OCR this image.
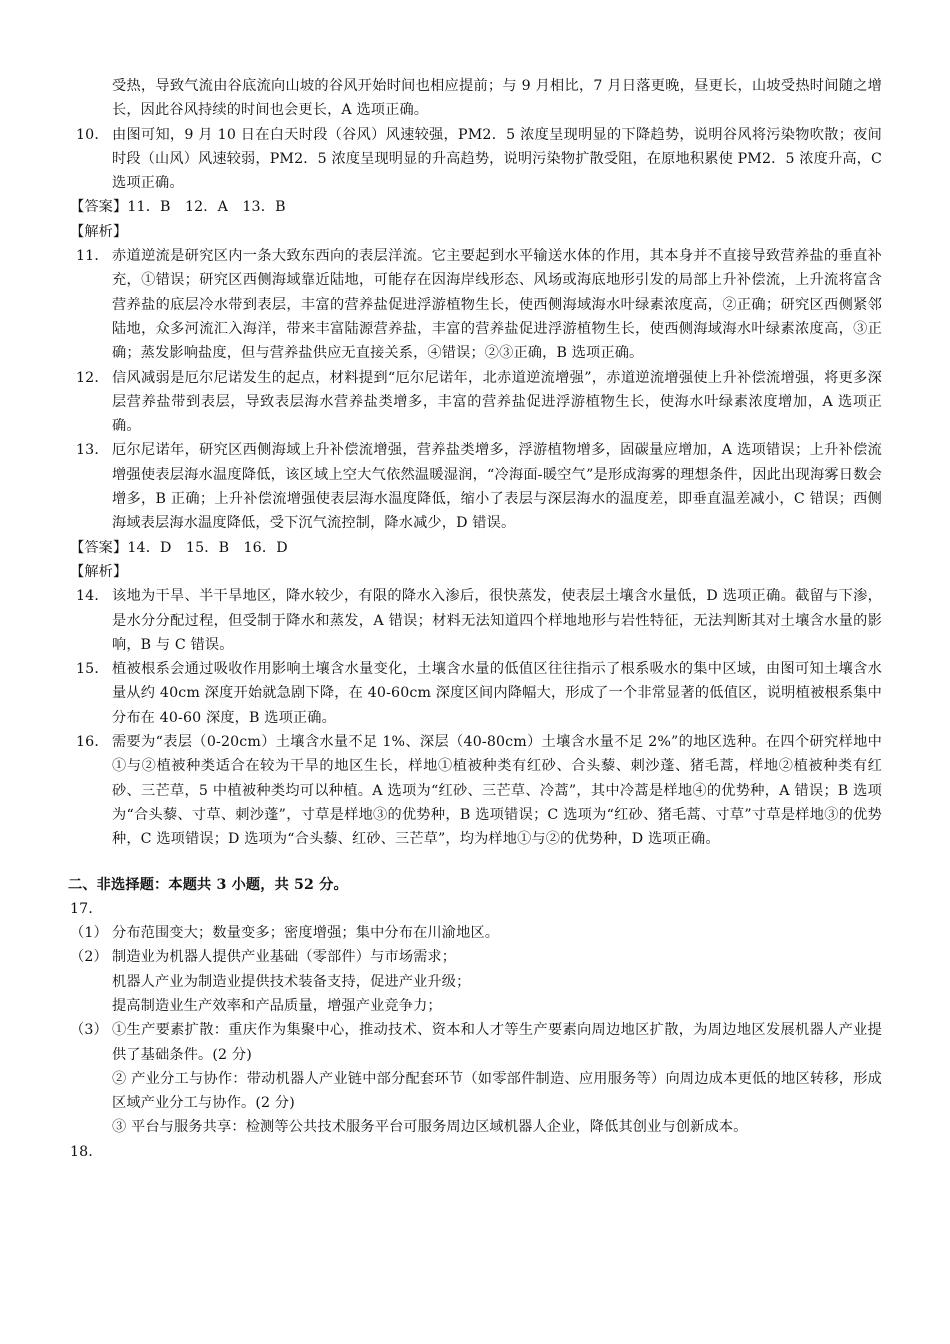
受热，导致气流由谷底流向山坡的谷风开始时间也相应提前；与 9 月相比，7 月日落更晚，昼更长，山坡受热时间随之增长，因此谷风持续的时间也会更长，A 选项正确。
10． 由图可知，9 月 10 日在白天时段（谷风）风速较强，PM2．5 浓度呈现明显的下降趋势，说明谷风将污染物吹散；夜间时段（山风）风速较弱，PM2．5 浓度呈现明显的升高趋势，说明污染物扩散受阻，在原地积累使 PM2．5 浓度升高，C 选项正确。
【答案】11．B　12．A　13．B
【解析】
11． 赤道逆流是研究区内一条大致东西向的表层洋流。它主要起到水平输送水体的作用，其本身并不直接导致营养盐的垂直补充，①错误；研究区西侧海域靠近陆地，可能存在因海岸线形态、风场或海底地形引发的局部上升补偿流，上升流将富含营养盐的底层冷水带到表层，丰富的营养盐促进浮游植物生长，使西侧海域海水叶绿素浓度高，②正确；研究区西侧紧邻陆地，众多河流汇入海洋，带来丰富陆源营养盐，丰富的营养盐促进浮游植物生长，使西侧海域海水叶绿素浓度高，③正确；蒸发影响盐度，但与营养盐供应无直接关系，④错误；②③正确，B 选项正确。
12． 信风减弱是厄尔尼诺发生的起点，材料提到“厄尔尼诺年，北赤道逆流增强”，赤道逆流增强使上升补偿流增强，将更多深层营养盐带到表层，导致表层海水营养盐类增多，丰富的营养盐促进浮游植物生长，使海水叶绿素浓度增加，A 选项正确。
13． 厄尔尼诺年，研究区西侧海域上升补偿流增强，营养盐类增多，浮游植物增多，固碳量应增加，A 选项错误；上升补偿流增强使表层海水温度降低，该区域上空大气依然温暖湿润，“冷海面-暖空气”是形成海雾的理想条件，因此出现海雾日数会增多，B 正确；上升补偿流增强使表层海水温度降低，缩小了表层与深层海水的温度差，即垂直温差减小，C 错误；西侧海域表层海水温度降低，受下沉气流控制，降水减少，D 错误。
【答案】14．D　15．B　16．D
【解析】
14． 该地为干旱、半干旱地区，降水较少，有限的降水入渗后，很快蒸发，使表层土壤含水量低，D 选项正确。截留与下渗，是水分分配过程，但受制于降水和蒸发，A 错误；材料无法知道四个样地地形与岩性特征，无法判断其对土壤含水量的影响，B 与 C 错误。
15． 植被根系会通过吸收作用影响土壤含水量变化，土壤含水量的低值区往往指示了根系吸水的集中区域，由图可知土壤含水量从约 40cm 深度开始就急剧下降，在 40-60cm 深度区间内降幅大，形成了一个非常显著的低值区，说明植被根系集中分布在 40-60 深度，B 选项正确。
16． 需要为“表层（0-20cm）土壤含水量不足 1%、深层（40-80cm）土壤含水量不足 2%”的地区选种。在四个研究样地中①与②植被种类适合在较为干旱的地区生长，样地①植被种类有红砂、合头藜、刺沙蓬、猪毛蒿，样地②植被种类有红砂、三芒草，5 中植被种类均可以种植。A 选项为“红砂、三芒草、冷蒿”，其中冷蒿是样地④的优势种，A 错误；B 选项为“合头藜、寸草、刺沙蓬”，寸草是样地③的优势种，B 选项错误；C 选项为“红砂、猪毛蒿、寸草”寸草是样地③的优势种，C 选项错误；D 选项为“合头藜、红砂、三芒草”，均为样地①与②的优势种，D 选项正确。
二、非选择题：本题共 3 小题，共 52 分。
17．
（1） 分布范围变大；数量变多；密度增强；集中分布在川渝地区。
（2） 制造业为机器人提供产业基础（零部件）与市场需求；
机器人产业为制造业提供技术装备支持，促进产业升级；
提高制造业生产效率和产品质量，增强产业竞争力；
（3） ①生产要素扩散：重庆作为集聚中心，推动技术、资本和人才等生产要素向周边地区扩散，为周边地区发展机器人产业提供了基础条件。(2 分)
② 产业分工与协作：带动机器人产业链中部分配套环节（如零部件制造、应用服务等）向周边成本更低的地区转移，形成区域产业分工与协作。(2 分)
③ 平台与服务共享：检测等公共技术服务平台可服务周边区域机器人企业，降低其创业与创新成本。
18．
